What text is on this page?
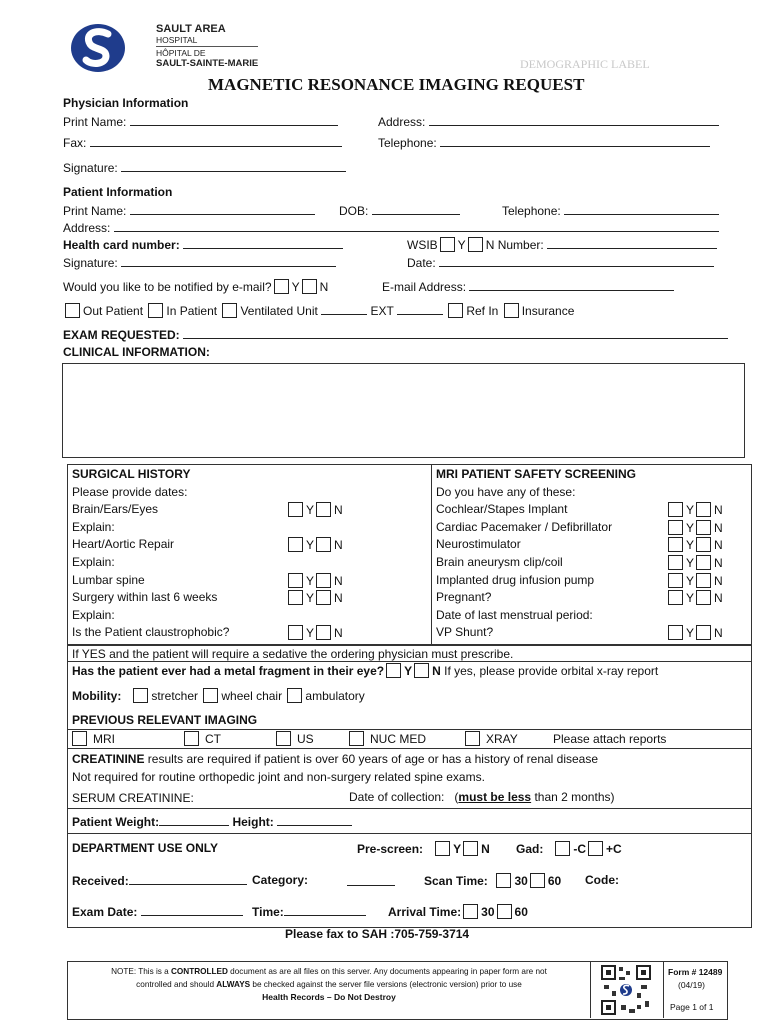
SAULT AREA
HOSPITAL
HÔPITAL DE
SAULT-SAINTE-MARIE	DEMOGRAPHIC LABEL
MAGNETIC RESONANCE IMAGING REQUEST
Physician Information
Print Name:	Address:
Fax:	Telephone:
Signature:
Patient Information
Print Name:	DOB:	Telephone:
Address:
Health card number:	WSIB Y N Number:
Signature:	Date:
Would you like to be notified by e-mail? Y N	E-mail Address:
Out Patient In Patient Ventilated Unit	EXT	Ref In Insurance
EXAM REQUESTED:
CLINICAL INFORMATION:
SURGICAL HISTORY
Please provide dates:
Brain/Ears/Eyes	Y N
Explain:
Heart/Aortic Repair	Y N
Explain:
Lumbar spine	Y N
Surgery within last 6 weeks	Y N
Explain:
Is the Patient claustrophobic?	Y N
MRI PATIENT SAFETY SCREENING
Do you have any of these:
Cochlear/Stapes Implant	Y N
Cardiac Pacemaker / Defibrillator	Y N
Neurostimulator	Y N
Brain aneurysm clip/coil	Y N
Implanted drug infusion pump	Y N
Pregnant?	Y N
Date of last menstrual period:
VP Shunt?	Y N
If YES and the patient will require a sedative the ordering physician must prescribe.
Has the patient ever had a metal fragment in their eye? Y N If yes, please provide orbital x-ray report
Mobility:	stretcher wheel chair ambulatory
PREVIOUS RELEVANT IMAGING
MRI	CT	US	NUC MED	XRAY	Please attach reports
CREATININE results are required if patient is over 60 years of age or has a history of renal disease
Not required for routine orthopedic joint and non-surgery related spine exams.
SERUM CREATININE:	Date of collection: (must be less than 2 months)
Patient Weight:	Height:
DEPARTMENT USE ONLY	Pre-screen:	Y N Gad:	-C +C
Received:	Category:	Scan Time: 30 60 Code:
Exam Date:	Time:	Arrival Time: 30 60
Please fax to SAH :705-759-3714
NOTE: This is a CONTROLLED document as are all files on this server. Any documents appearing in paper form are not
controlled and should ALWAYS be checked against the server file versions (electronic version) prior to use
Health Records – Do Not Destroy
Form # 12489
(04/19)
Page 1 of 1
